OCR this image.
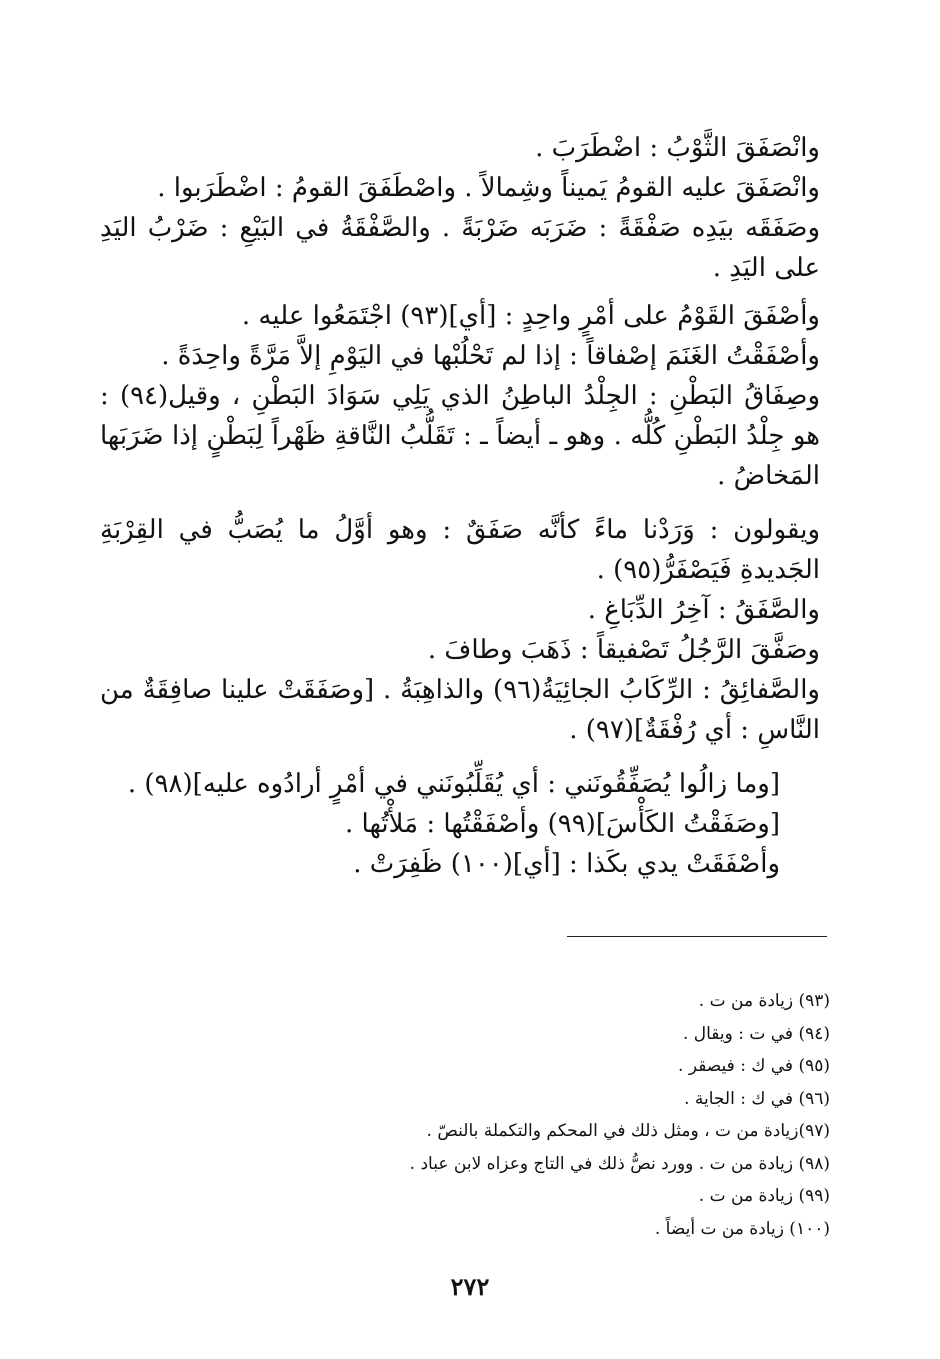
وانْصَفَقَ الثَّوْبُ : اضْطَرَبَ .

وانْصَفَقَ عليه القومُ يَميناً وشِمالاً . واصْطَفَقَ القومُ : اضْطَرَبوا .

وصَفَقَه بيَدِه صَفْقَةً : ضَرَبَه ضَرْبَةً . والصَّفْقَةُ في البَيْعِ : ضَرْبُ اليَدِ على اليَدِ .

وأصْفَقَ القَوْمُ على أمْرٍ واحِدٍ : [أي](٩٣) اجْتَمَعُوا عليه .

وأصْفَقْتُ الغَنَمَ إصْفاقاً : إذا لم تَحْلُبْها في اليَوْمِ إلاَّ مَرَّةً واحِدَةً .

وصِفَاقُ البَطْنِ : الجِلْدُ الباطِنُ الذي يَلِي سَوَادَ البَطْنِ ، وقيل(٩٤) : هو جِلْدُ البَطْنِ كُلُّه . وهو ـ أيضاً ـ : تَقَلُّبُ النَّاقةِ ظَهْراً لِبَطْنٍ إذا ضَرَبَها المَخاضُ .

ويقولون : وَرَدْنا ماءً كأنَّه صَفَقٌ : وهو أوَّلُ ما يُصَبُّ في القِرْبَةِ الجَديدةِ فَيَصْفَرُّ(٩٥) .

والصَّفَقُ : آخِرُ الدِّبَاغِ .

وصَفَّقَ الرَّجُلُ تَصْفيقاً : ذَهَبَ وطافَ .

والصَّفائِقُ : الرِّكَابُ الجائِيَةُ(٩٦) والذاهِبَةُ . [وصَفَقَتْ علينا صافِقَةٌ من النَّاسِ : أي رُفْقَةٌ](٩٧) .

[وما زالُوا يُصَفِّقُونَني : أي يُقَلِّبُونَني في أمْرٍ أرادُوه عليه](٩٨) .

[وصَفَقْتُ الكَأْسَ](٩٩) وأصْفَقْتُها : مَلأْتُها .

وأصْفَقَتْ يدي بكَذا : [أي](١٠٠) ظَفِرَتْ .

(٩٣) زيادة من ت .

(٩٤) في ت : ويقال .

(٩٥) في ك : فيصقر .

(٩٦) في ك : الجاية .

(٩٧)زيادة من ت ، ومثل ذلك في المحكم والتكملة بالنصّ .

(٩٨) زيادة من ت . وورد نصُّ ذلك في التاج وعزاه لابن عباد .

(٩٩) زيادة من ت .

(١٠٠) زيادة من ت أيضاً .

٢٧٢
